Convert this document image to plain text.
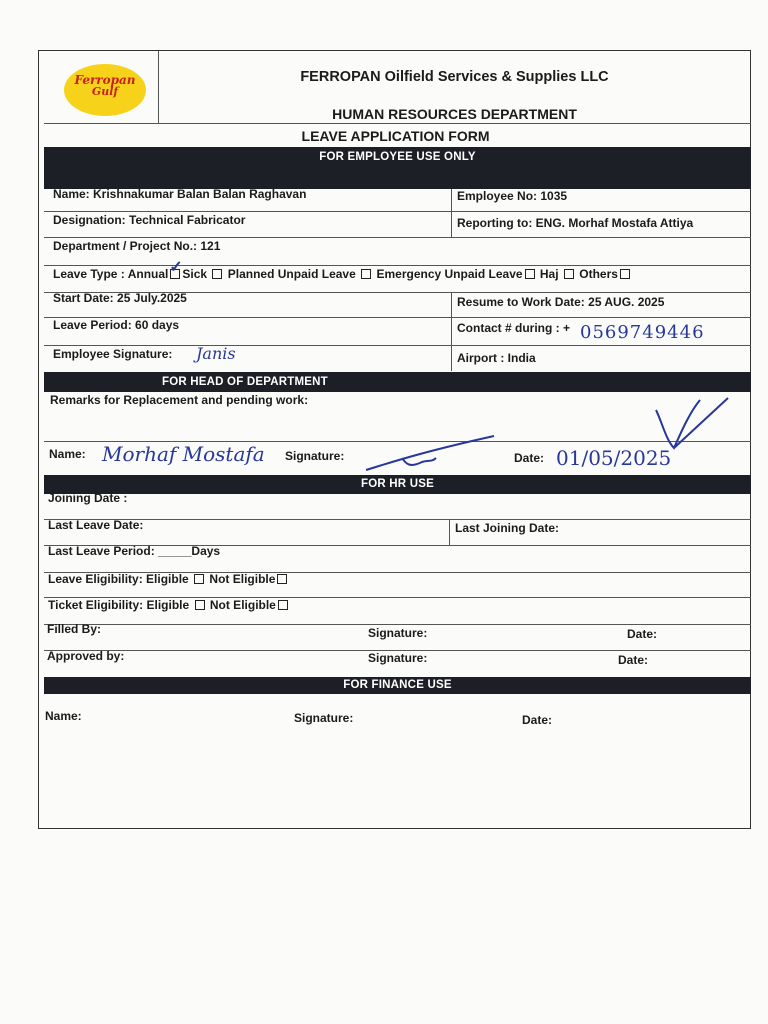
Ferropan
Gulf
FERROPAN Oilfield Services & Supplies LLC
HUMAN RESOURCES DEPARTMENT
LEAVE APPLICATION FORM
FOR EMPLOYEE USE ONLY
Name: Krishnakumar Balan Balan Raghavan	Employee No: 1035
Designation: Technical Fabricator	Reporting to: ENG. Morhaf Mostafa Attiya
Department / Project No.: 121
Leave Type : Annual ✓ Sick Planned Unpaid Leave Emergency Unpaid Leave Haj Others
Start Date: 25 July.2025	Resume to Work Date: 25 AUG. 2025
Leave Period: 60 days	Contact # during : + 0569749446
Employee Signature: Janis	Airport : India
FOR HEAD OF DEPARTMENT
Remarks for Replacement and pending work:
Name: Morhaf Mostafa Signature:	Date: 01/05/2025
FOR HR USE
Joining Date :
Last Leave Date:	Last Joining Date:
Last Leave Period: _____Days
Leave Eligibility: Eligible Not Eligible
Ticket Eligibility: Eligible Not Eligible
Filled By:	Signature:	Date:
Approved by:	Signature:	Date:
FOR FINANCE USE
Name:	Signature:	Date:
